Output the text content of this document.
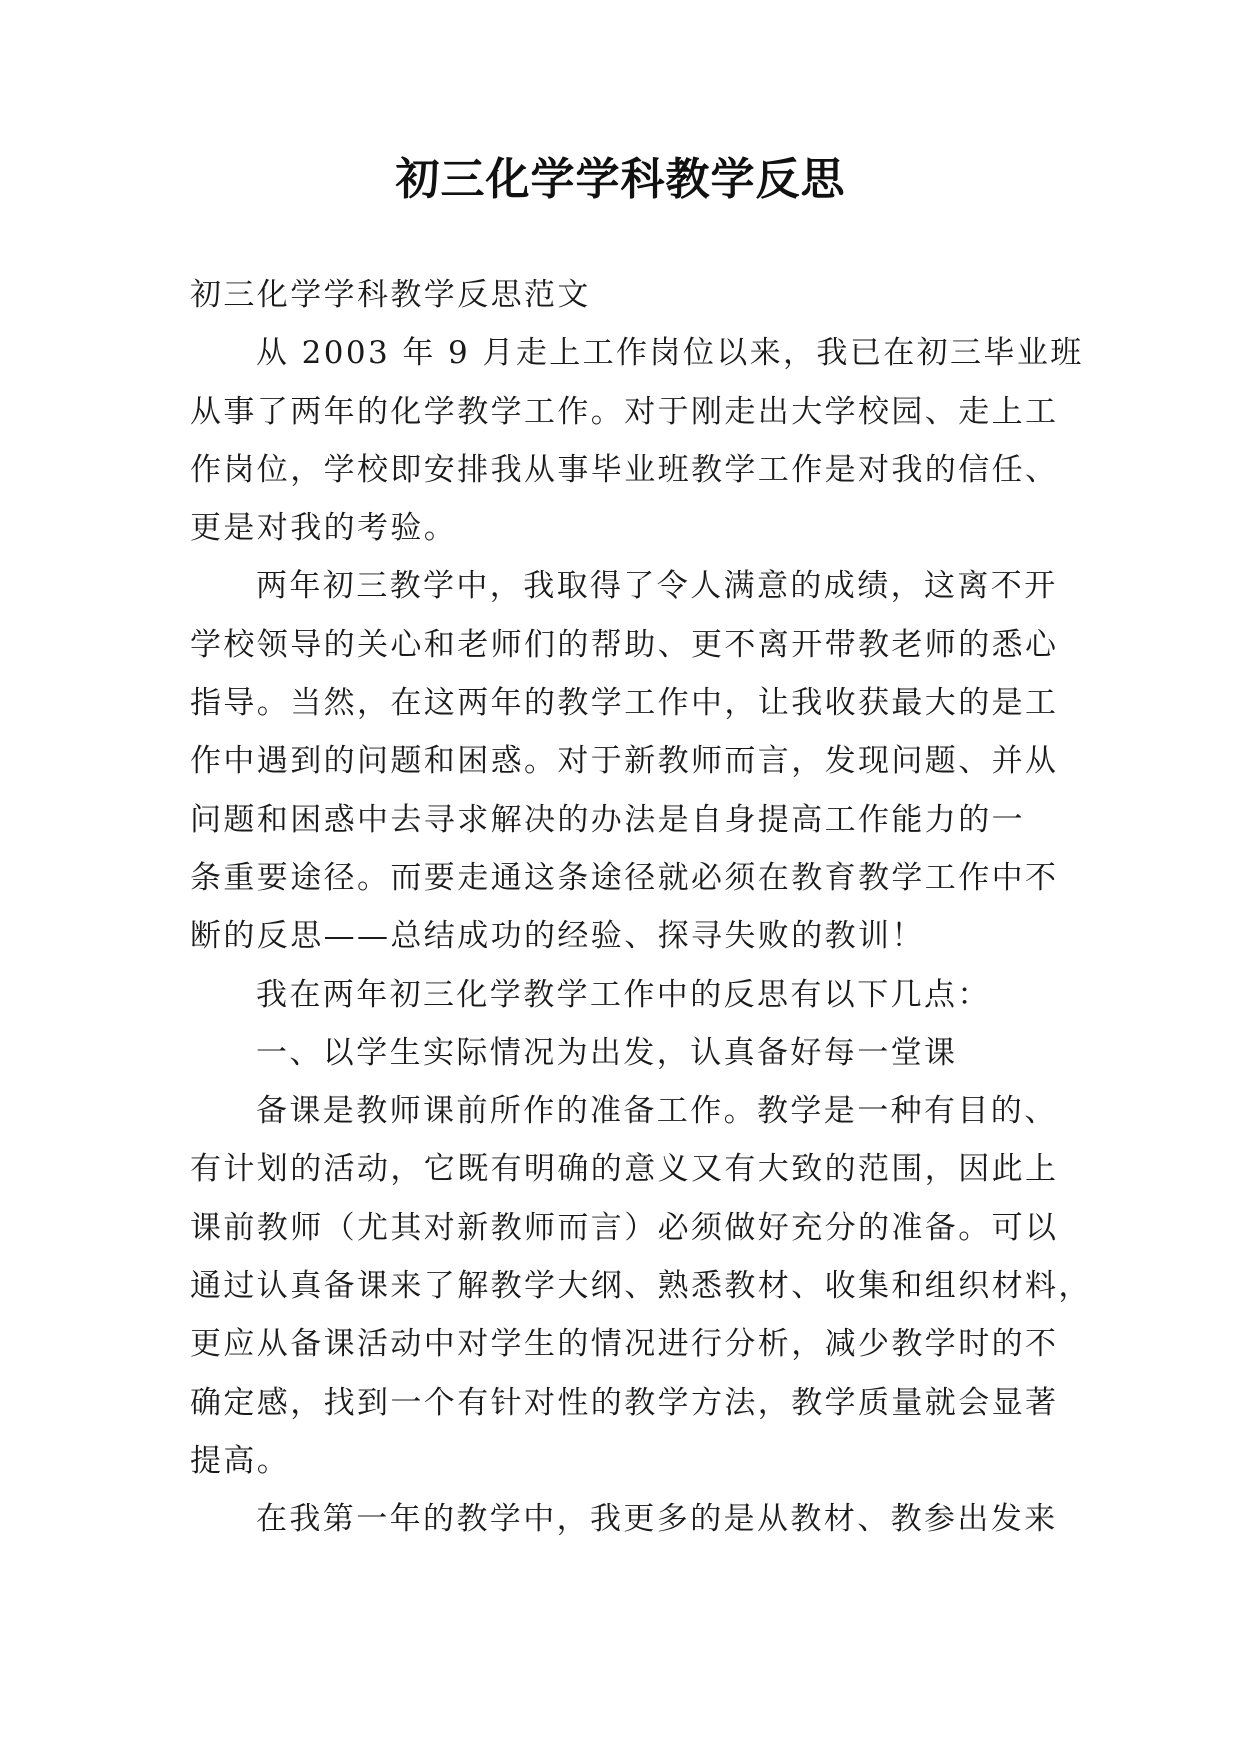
初三化学学科教学反思
初三化学学科教学反思范文
从 2003 年 9 月走上工作岗位以来，我已在初三毕业班
从事了两年的化学教学工作。对于刚走出大学校园、走上工
作岗位，学校即安排我从事毕业班教学工作是对我的信任、
更是对我的考验。
两年初三教学中，我取得了令人满意的成绩，这离不开
学校领导的关心和老师们的帮助、更不离开带教老师的悉心
指导。当然，在这两年的教学工作中，让我收获最大的是工
作中遇到的问题和困惑。对于新教师而言，发现问题、并从
问题和困惑中去寻求解决的办法是自身提高工作能力的一
条重要途径。而要走通这条途径就必须在教育教学工作中不
断的反思——总结成功的经验、探寻失败的教训！
我在两年初三化学教学工作中的反思有以下几点：
一、以学生实际情况为出发，认真备好每一堂课
备课是教师课前所作的准备工作。教学是一种有目的、
有计划的活动，它既有明确的意义又有大致的范围，因此上
课前教师（尤其对新教师而言）必须做好充分的准备。可以
通过认真备课来了解教学大纲、熟悉教材、收集和组织材料，
更应从备课活动中对学生的情况进行分析，减少教学时的不
确定感，找到一个有针对性的教学方法，教学质量就会显著
提高。
在我第一年的教学中，我更多的是从教材、教参出发来
